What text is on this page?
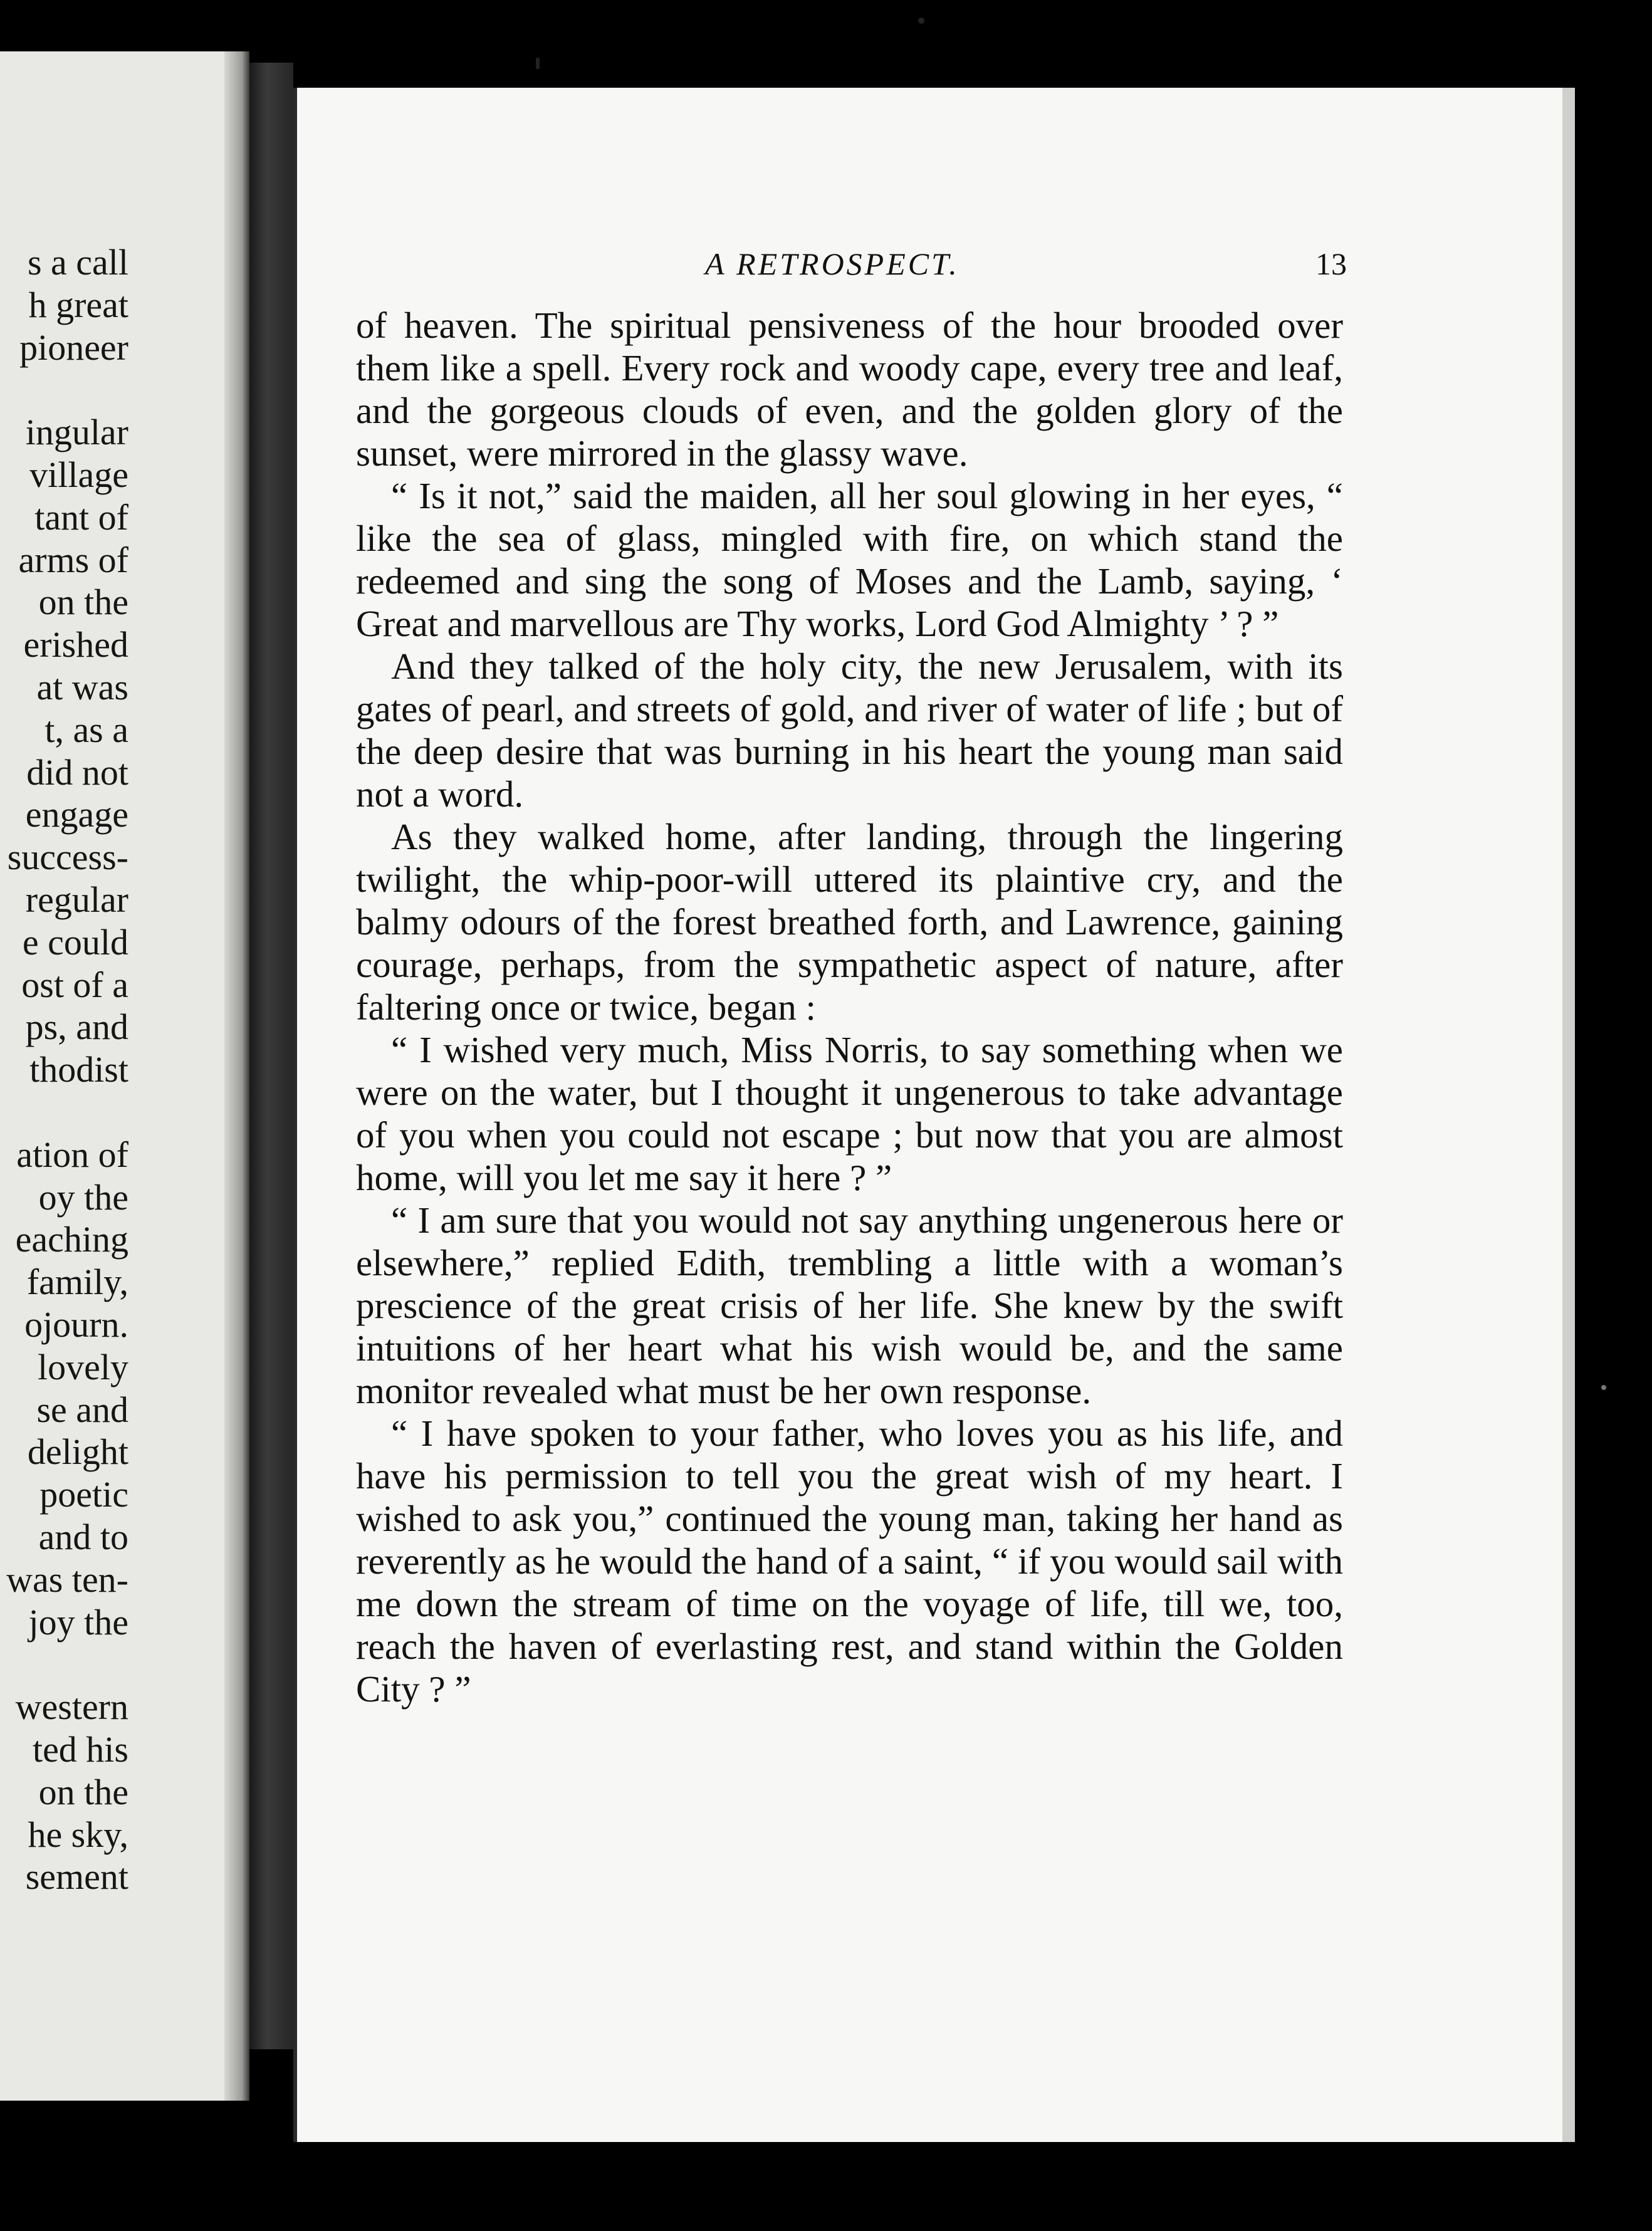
s a call
h great
pioneer
ingular
village
tant of
arms of
on the
erished
at was
t, as a
did not
engage
success-
regular
e could
ost of a
ps, and
thodist
ation of
oy the
eaching
family,
ojourn.
lovely
se and
delight
poetic
and to
was ten-
joy the
western
ted his
on the
he sky,
sement
A RETROSPECT.	13

of heaven. The spiritual pensiveness of the hour brooded over them like a spell. Every rock and woody cape, every tree and leaf, and the gorgeous clouds of even, and the golden glory of the sunset, were mirrored in the glassy wave.

“ Is it not,” said the maiden, all her soul glowing in her eyes, “ like the sea of glass, mingled with fire, on which stand the redeemed and sing the song of Moses and the Lamb, saying, ‘ Great and marvellous are Thy works, Lord God Almighty ’ ? ”

And they talked of the holy city, the new Jerusalem, with its gates of pearl, and streets of gold, and river of water of life ; but of the deep desire that was burning in his heart the young man said not a word.

As they walked home, after landing, through the lingering twilight, the whip-poor-will uttered its plaintive cry, and the balmy odours of the forest breathed forth, and Lawrence, gaining courage, perhaps, from the sympathetic aspect of nature, after faltering once or twice, began :

“ I wished very much, Miss Norris, to say something when we were on the water, but I thought it ungenerous to take advantage of you when you could not escape ; but now that you are almost home, will you let me say it here ? ”

“ I am sure that you would not say anything ungenerous here or elsewhere,” replied Edith, trembling a little with a woman’s prescience of the great crisis of her life. She knew by the swift intuitions of her heart what his wish would be, and the same monitor revealed what must be her own response.

“ I have spoken to your father, who loves you as his life, and have his permission to tell you the great wish of my heart. I wished to ask you,” continued the young man, taking her hand as reverently as he would the hand of a saint, “ if you would sail with me down the stream of time on the voyage of life, till we, too, reach the haven of everlasting rest, and stand within the Golden City ? ”
